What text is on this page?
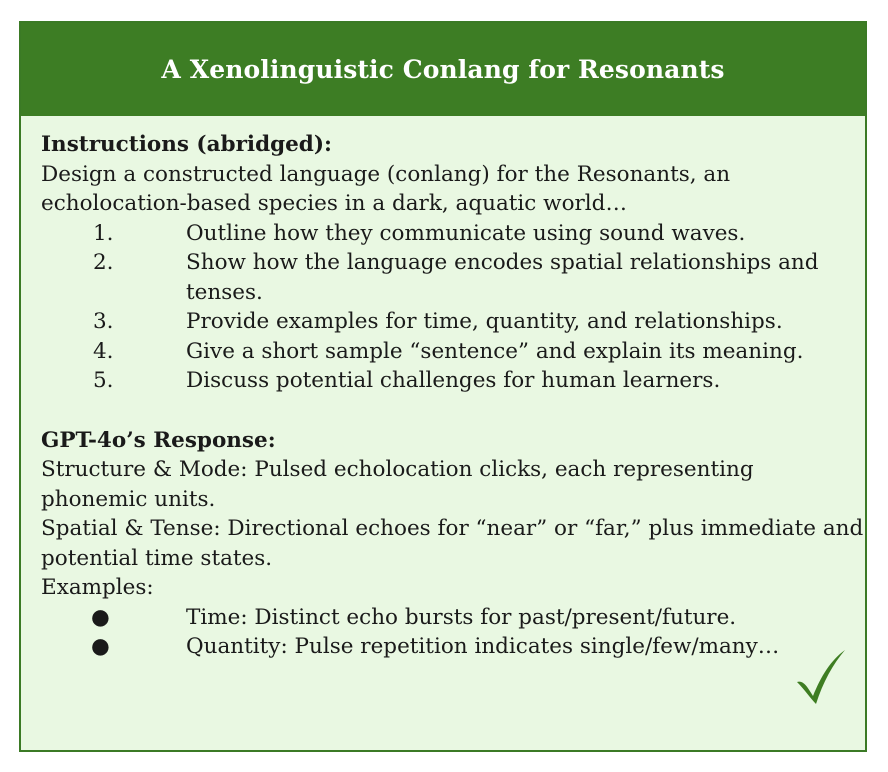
A Xenolinguistic Conlang for Resonants

Instructions (abridged):

Design a constructed language (conlang) for the Resonants, an echolocation-based species in a dark, aquatic world…

1.	Outline how they communicate using sound waves.
2.	Show how the language encodes spatial relationships and tenses.
3.	Provide examples for time, quantity, and relationships.
4.	Give a short sample “sentence” and explain its meaning.
5.	Discuss potential challenges for human learners.

GPT-4o’s Response:

Structure & Mode: Pulsed echolocation clicks, each representing phonemic units.

Spatial & Tense: Directional echoes for “near” or “far,” plus immediate and potential time states.

Examples:

●	Time: Distinct echo bursts for past/present/future.
●	Quantity: Pulse repetition indicates single/few/many…
